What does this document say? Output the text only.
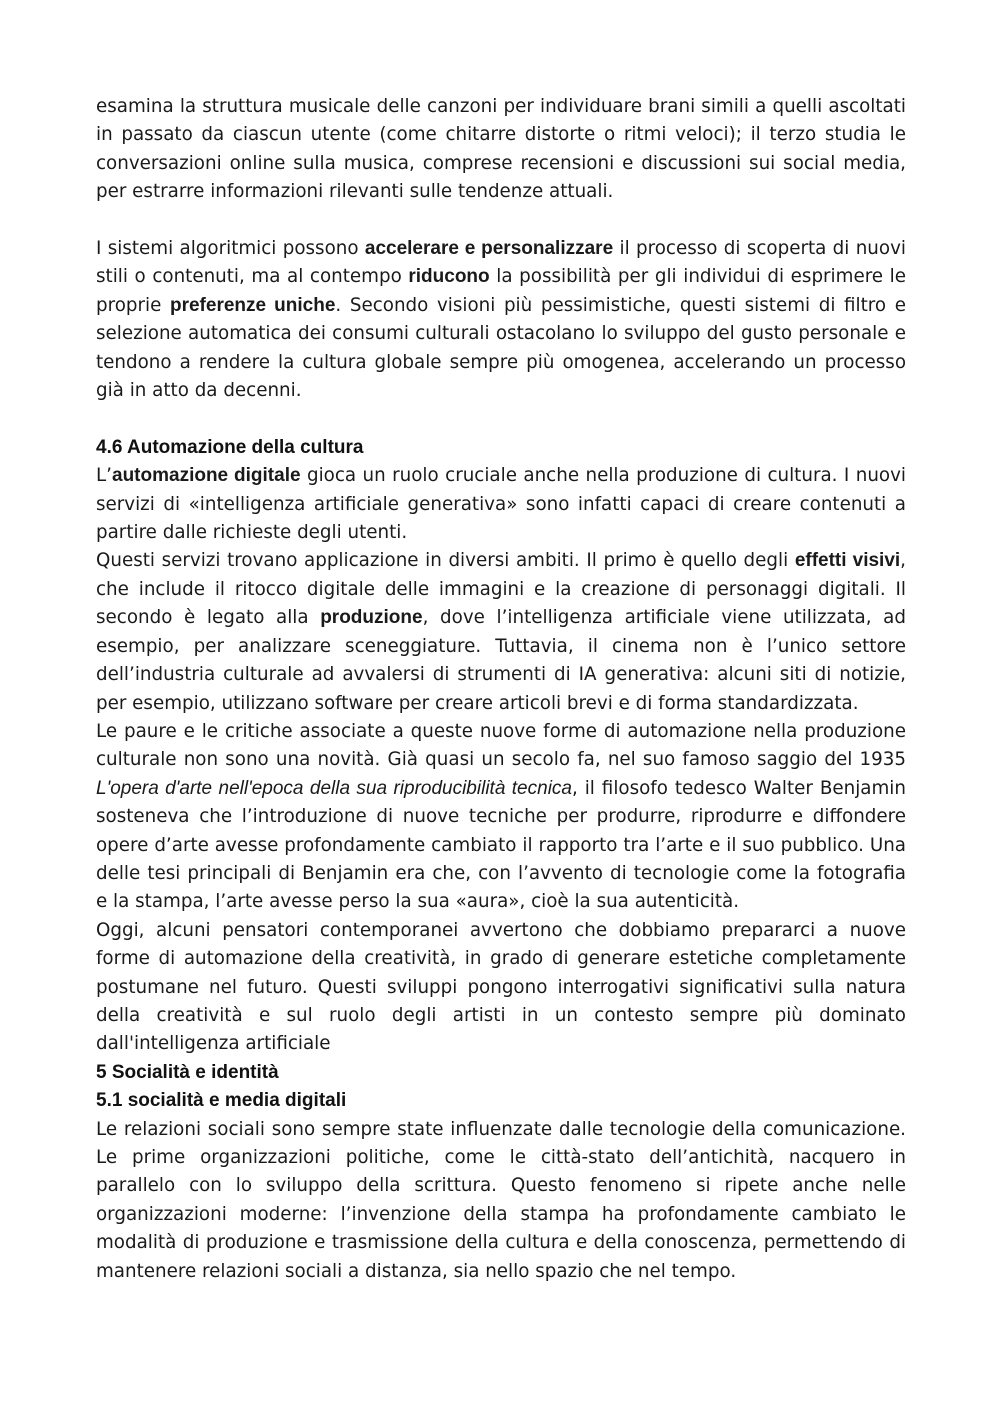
esamina la struttura musicale delle canzoni per individuare brani simili a quelli ascoltati in passato da ciascun utente (come chitarre distorte o ritmi veloci); il terzo studia le conversazioni online sulla musica, comprese recensioni e discussioni sui social media, per estrarre informazioni rilevanti sulle tendenze attuali.

I sistemi algoritmici possono accelerare e personalizzare il processo di scoperta di nuovi stili o contenuti, ma al contempo riducono la possibilità per gli individui di esprimere le proprie preferenze uniche. Secondo visioni più pessimistiche, questi sistemi di filtro e selezione automatica dei consumi culturali ostacolano lo sviluppo del gusto personale e tendono a rendere la cultura globale sempre più omogenea, accelerando un processo già in atto da decenni.

4.6 Automazione della cultura

L’automazione digitale gioca un ruolo cruciale anche nella produzione di cultura. I nuovi servizi di «intelligenza artificiale generativa» sono infatti capaci di creare contenuti a partire dalle richieste degli utenti.

Questi servizi trovano applicazione in diversi ambiti. Il primo è quello degli effetti visivi, che include il ritocco digitale delle immagini e la creazione di personaggi digitali. Il secondo è legato alla produzione, dove l’intelligenza artificiale viene utilizzata, ad esempio, per analizzare sceneggiature. Tuttavia, il cinema non è l’unico settore dell’industria culturale ad avvalersi di strumenti di IA generativa: alcuni siti di notizie, per esempio, utilizzano software per creare articoli brevi e di forma standardizzata.

Le paure e le critiche associate a queste nuove forme di automazione nella produzione culturale non sono una novità. Già quasi un secolo fa, nel suo famoso saggio del 1935 L'opera d'arte nell'epoca della sua riproducibilità tecnica, il filosofo tedesco Walter Benjamin sosteneva che l’introduzione di nuove tecniche per produrre, riprodurre e diffondere opere d’arte avesse profondamente cambiato il rapporto tra l’arte e il suo pubblico. Una delle tesi principali di Benjamin era che, con l’avvento di tecnologie come la fotografia e la stampa, l’arte avesse perso la sua «aura», cioè la sua autenticità.

Oggi, alcuni pensatori contemporanei avvertono che dobbiamo prepararci a nuove forme di automazione della creatività, in grado di generare estetiche completamente postumane nel futuro. Questi sviluppi pongono interrogativi significativi sulla natura della creatività e sul ruolo degli artisti in un contesto sempre più dominato dall'intelligenza artificiale

5 Socialità e identità
5.1 socialità e media digitali

Le relazioni sociali sono sempre state influenzate dalle tecnologie della comunicazione. Le prime organizzazioni politiche, come le città-stato dell’antichità, nacquero in parallelo con lo sviluppo della scrittura. Questo fenomeno si ripete anche nelle organizzazioni moderne: l’invenzione della stampa ha profondamente cambiato le modalità di produzione e trasmissione della cultura e della conoscenza, permettendo di mantenere relazioni sociali a distanza, sia nello spazio che nel tempo.
